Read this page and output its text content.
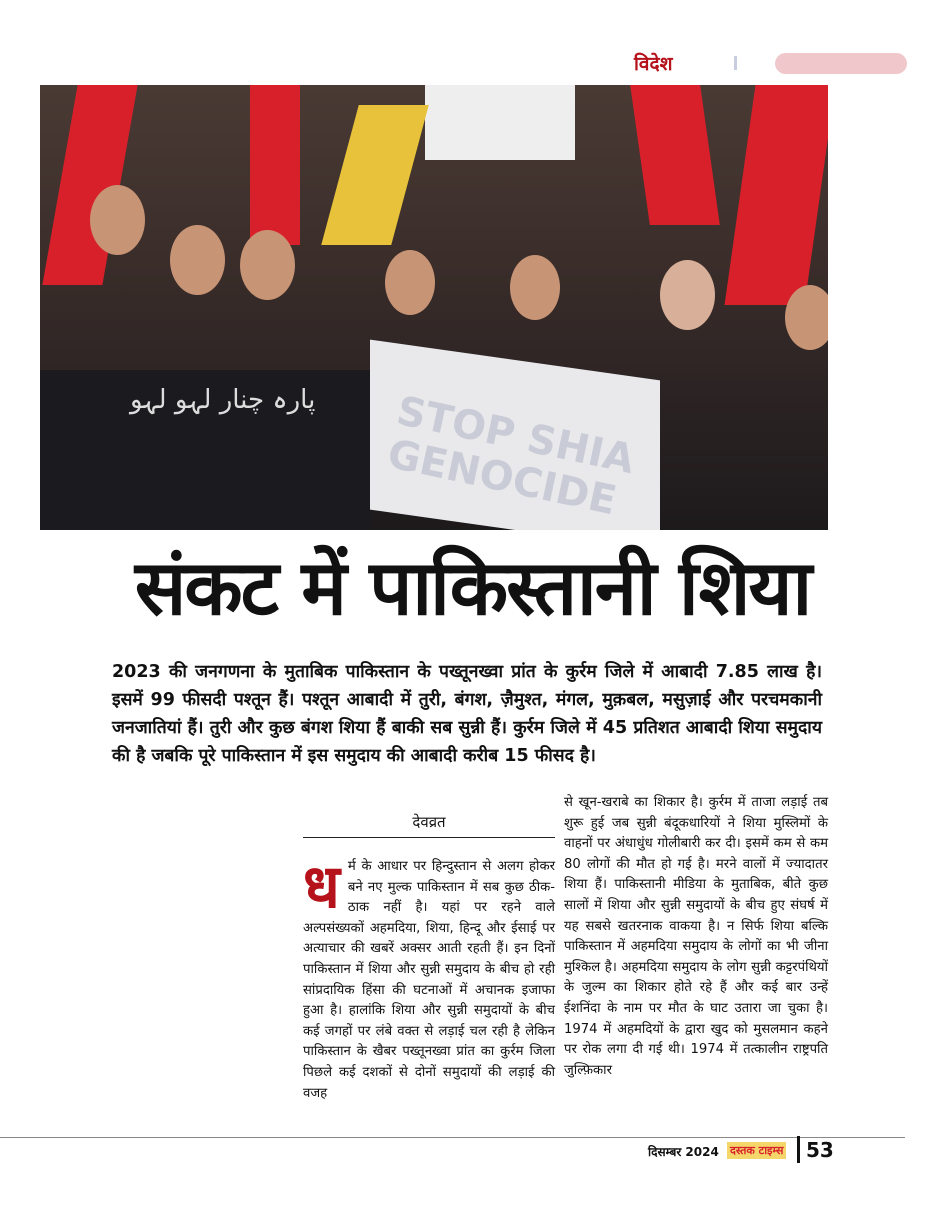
विदेश
STOP SHIA GENOCIDE
پارہ چنار لہو لہو
संकट में पाकिस्तानी शिया

2023 की जनगणना के मुताबिक पाकिस्तान के पख्तूनख्वा प्रांत के कुर्रम जिले में आबादी 7.85 लाख है। इसमें 99 फीसदी पश्तून हैं। पश्तून आबादी में तुरी, बंगश, ज़ैमुश्त, मंगल, मुक़बल, मसुज़ाई और परचमकानी जनजातियां हैं। तुरी और कुछ बंगश शिया हैं बाकी सब सुन्नी हैं। कुर्रम जिले में 45 प्रतिशत आबादी शिया समुदाय की है जबकि पूरे पाकिस्तान में इस समुदाय की आबादी करीब 15 फीसद है।

देवव्रत
ध र्म के आधार पर हिन्दुस्तान से अलग होकर बने नए मुल्क पाकिस्तान में सब कुछ ठीक-ठाक नहीं है। यहां पर रहने वाले अल्पसंख्यकों अहमदिया, शिया, हिन्दू और ईसाई पर अत्याचार की खबरें अक्सर आती रहती हैं। इन दिनों पाकिस्तान में शिया और सुन्नी समुदाय के बीच हो रही सांप्रदायिक हिंसा की घटनाओं में अचानक इजाफा हुआ है। हालांकि शिया और सुन्नी समुदायों के बीच कई जगहों पर लंबे वक्त से लड़ाई चल रही है लेकिन पाकिस्तान के खैबर पख्तूनख्वा प्रांत का कुर्रम जिला पिछले कई दशकों से दोनों समुदायों की लड़ाई की वजह
से खून-खराबे का शिकार है। कुर्रम में ताजा लड़ाई तब शुरू हुई जब सुन्नी बंदूकधारियों ने शिया मुस्लिमों के वाहनों पर अंधाधुंध गोलीबारी कर दी। इसमें कम से कम 80 लोगों की मौत हो गई है। मरने वालों में ज्यादातर शिया हैं। पाकिस्तानी मीडिया के मुताबिक, बीते कुछ सालों में शिया और सुन्नी समुदायों के बीच हुए संघर्ष में यह सबसे खतरनाक वाकया है। न सिर्फ शिया बल्कि पाकिस्तान में अहमदिया समुदाय के लोगों का भी जीना मुश्किल है। अहमदिया समुदाय के लोग सुन्नी कट्टरपंथियों के जुल्म का शिकार होते रहे हैं और कई बार उन्हें ईशनिंदा के नाम पर मौत के घाट उतारा जा चुका है। 1974 में अहमदियों के द्वारा खुद को मुसलमान कहने पर रोक लगा दी गई थी। 1974 में तत्कालीन राष्ट्रपति जुल्फ़िकार
दिसम्बर 2024 दस्तक टाइम्स 53
